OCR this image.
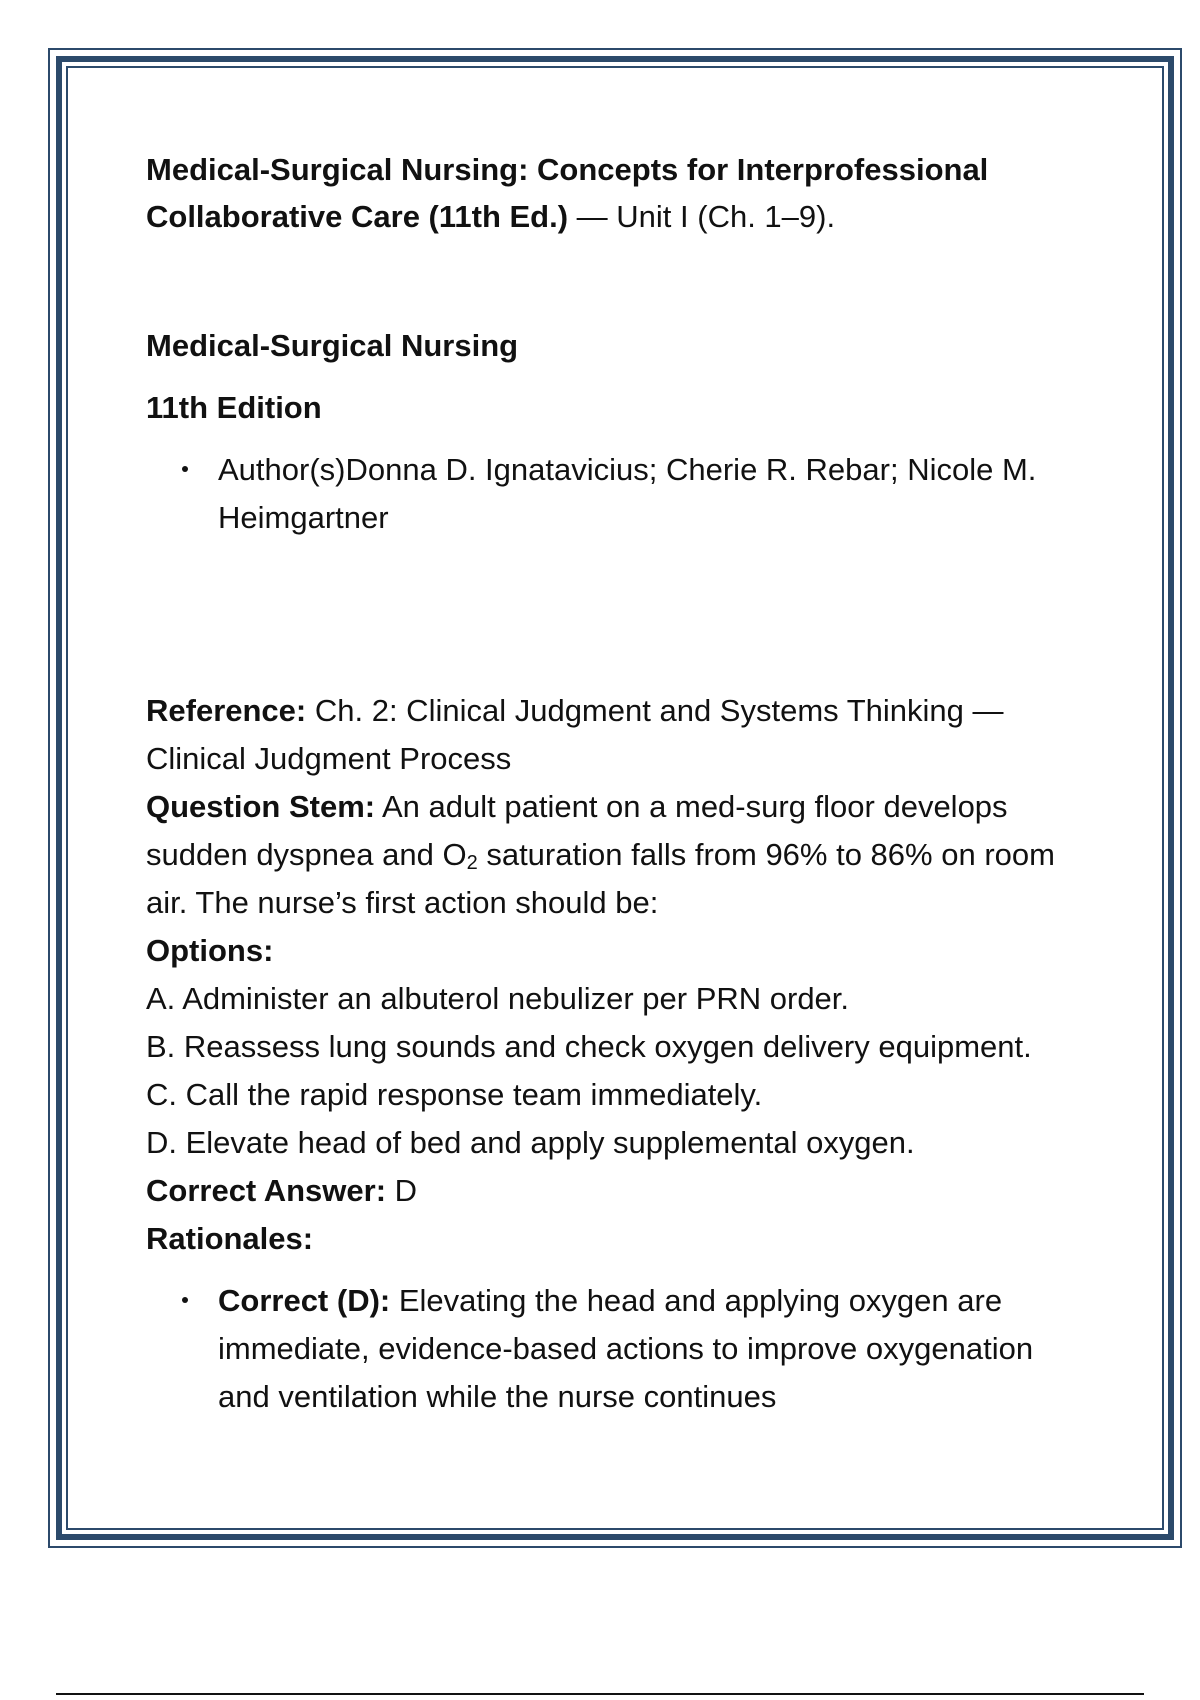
Medical-Surgical Nursing: Concepts for Interprofessional Collaborative Care (11th Ed.) — Unit I (Ch. 1–9).

Medical-Surgical Nursing

11th Edition

Author(s)Donna D. Ignatavicius; Cherie R. Rebar; Nicole M. Heimgartner

Reference: Ch. 2: Clinical Judgment and Systems Thinking — Clinical Judgment Process

Question Stem: An adult patient on a med-surg floor develops sudden dyspnea and O2 saturation falls from 96% to 86% on room air. The nurse’s first action should be:

Options:

A. Administer an albuterol nebulizer per PRN order.

B. Reassess lung sounds and check oxygen delivery equipment.

C. Call the rapid response team immediately.

D. Elevate head of bed and apply supplemental oxygen.

Correct Answer: D

Rationales:

Correct (D): Elevating the head and applying oxygen are immediate, evidence-based actions to improve oxygenation and ventilation while the nurse continues
